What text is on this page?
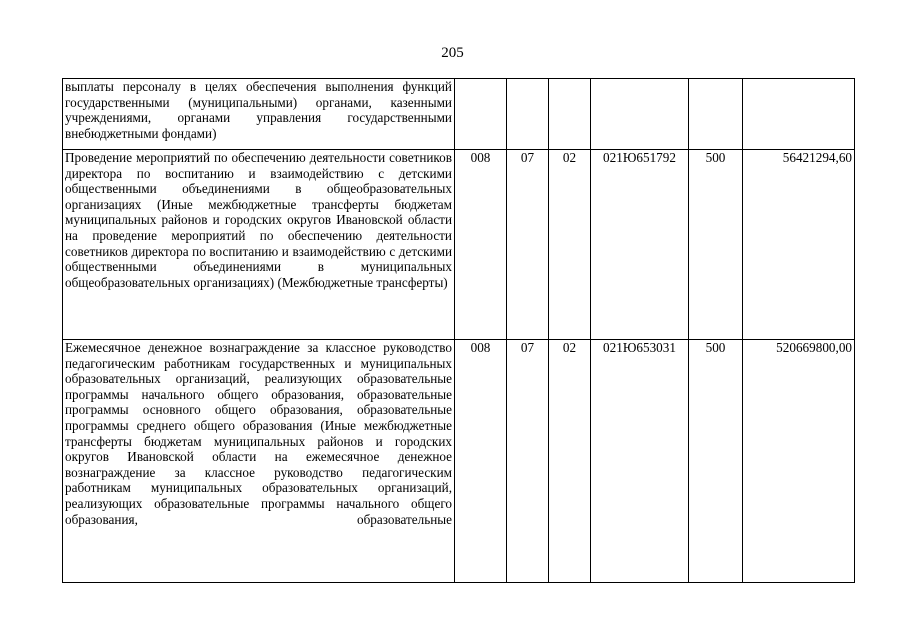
205
выплаты персоналу в целях обеспечения выполнения функций государственными (муниципальными) органами, казенными учреждениями, органами управления государственными внебюджетными фондами)						
Проведение мероприятий по обеспечению деятельности советников директора по воспитанию и взаимодействию с детскими общественными объединениями в общеобразовательных организациях (Иные межбюджетные трансферты бюджетам муниципальных районов и городских округов Ивановской области на проведение мероприятий по обеспечению деятельности советников директора по воспитанию и взаимодействию с детскими общественными объединениями в муниципальных общеобразовательных организациях) (Межбюджетные трансферты)	008	07	02	021Ю651792	500	56421294,60
Ежемесячное денежное вознаграждение за классное руководство педагогическим работникам государственных и муниципальных образовательных организаций, реализующих образовательные программы начального общего образования, образовательные программы основного общего образования, образовательные программы среднего общего образования (Иные межбюджетные трансферты бюджетам муниципальных районов и городских округов Ивановской области на ежемесячное денежное вознаграждение за классное руководство педагогическим работникам муниципальных образовательных организаций, реализующих образовательные программы начального общего образования, образовательные	008	07	02	021Ю653031	500	520669800,00
